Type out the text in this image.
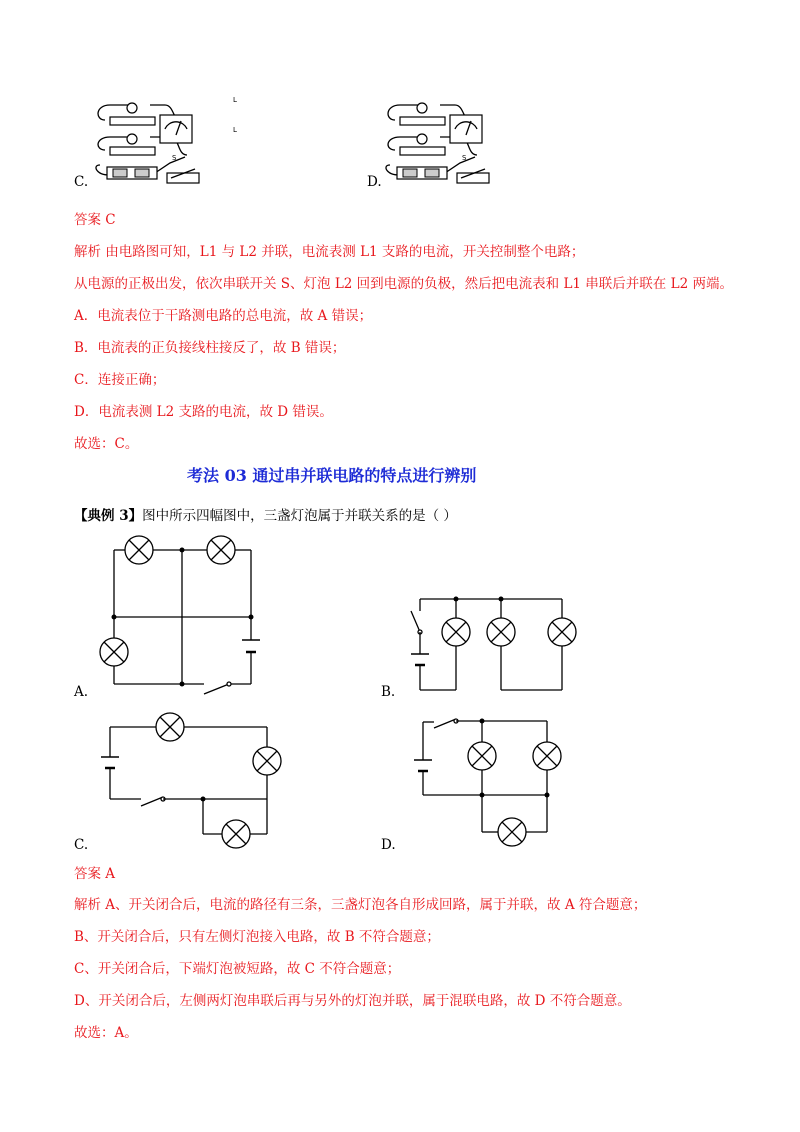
L
L
S	S
C.	D.
答案 C
解析 由电路图可知，L1 与 L2 并联，电流表测 L1 支路的电流，开关控制整个电路；
从电源的正极出发，依次串联开关 S、灯泡 L2 回到电源的负极，然后把电流表和 L1 串联后并联在 L2 两端。
A．电流表位于干路测电路的总电流，故 A 错误；
B．电流表的正负接线柱接反了，故 B 错误；
C．连接正确；
D．电流表测 L2 支路的电流，故 D 错误。
故选：C。
考法 03 通过串并联电路的特点进行辨别
【典例 3】图中所示四幅图中，三盏灯泡属于并联关系的是（ ）
A.	B.
C.	D.
答案 A
解析 A、开关闭合后，电流的路径有三条，三盏灯泡各自形成回路，属于并联，故 A 符合题意；
B、开关闭合后，只有左侧灯泡接入电路，故 B 不符合题意；
C、开关闭合后，下端灯泡被短路，故 C 不符合题意；
D、开关闭合后，左侧两灯泡串联后再与另外的灯泡并联，属于混联电路，故 D 不符合题意。
故选：A。
